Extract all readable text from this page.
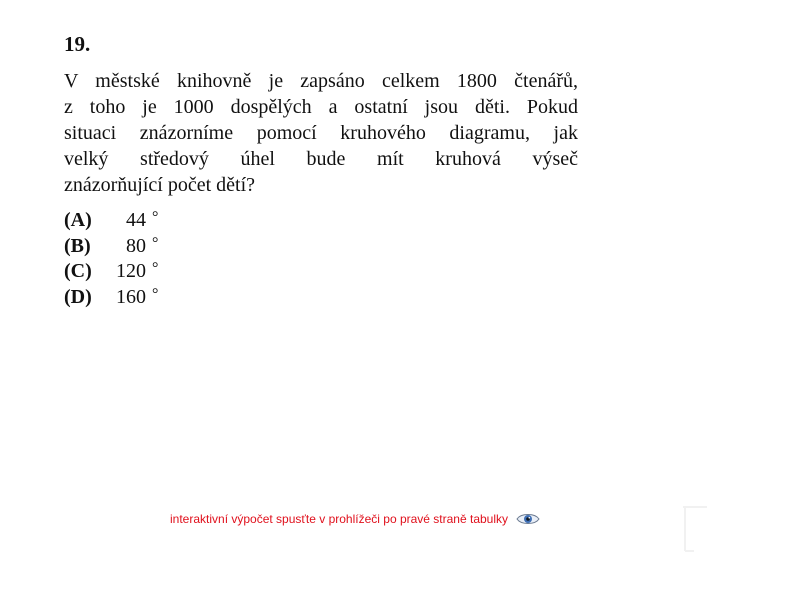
19.

V městské knihovně je zapsáno celkem 1800 čtenářů,
z toho je 1000 dospělých a ostatní jsou děti. Pokud
situaci znázorníme pomocí kruhového diagramu, jak
velký středový úhel bude mít kruhová výseč
znázorňující počet dětí?

(A)	44 °
(B)	80 °
(C)	120 °
(D)	160 °
interaktivní výpočet spusťte v prohlížeči po pravé straně tabulky
